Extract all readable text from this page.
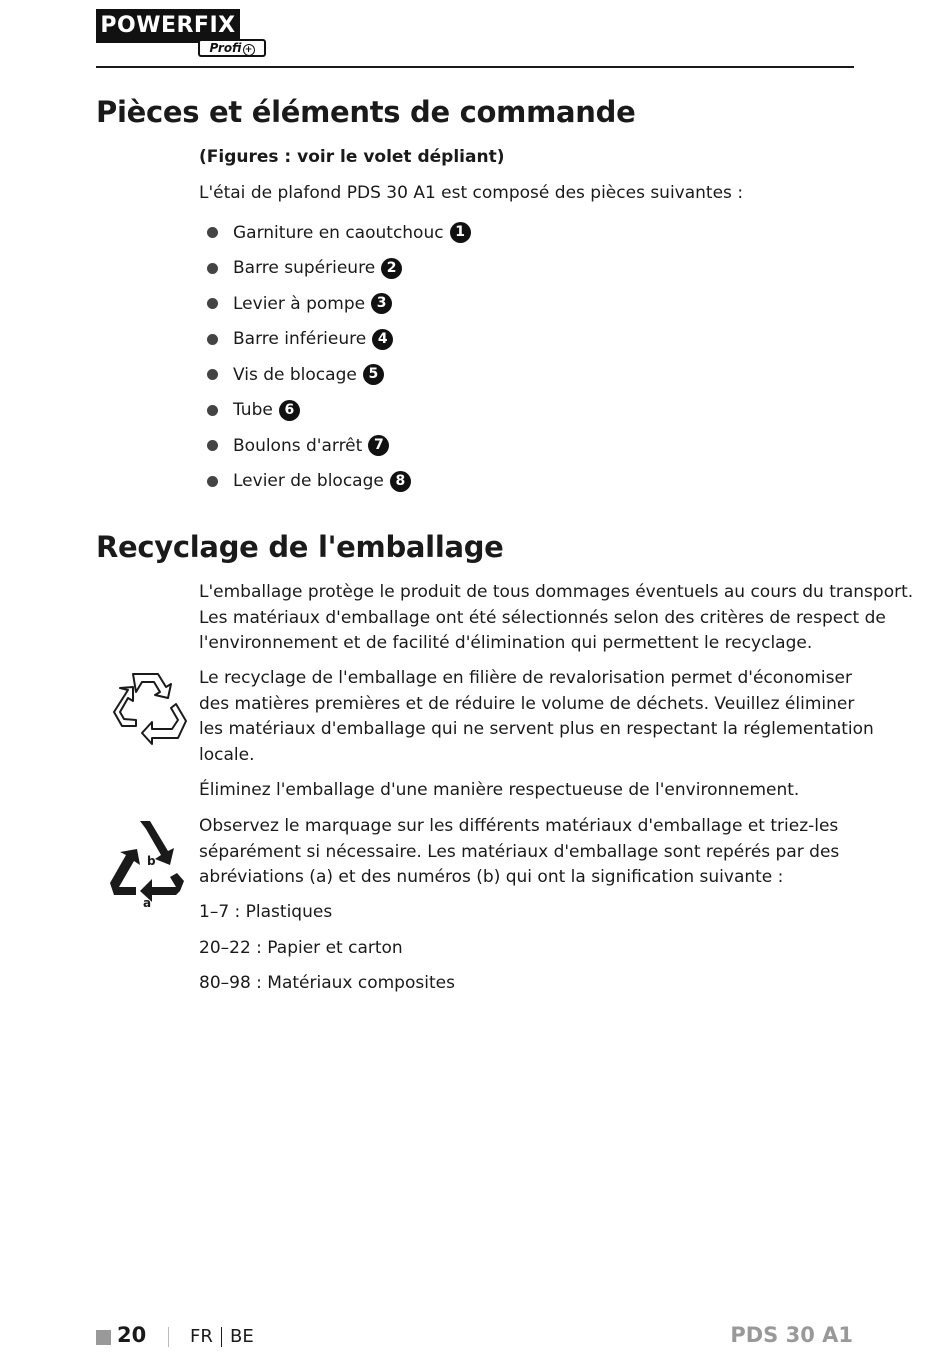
POWERFIX
®
Profi +
Pièces et éléments de commande

(Figures : voir le volet dépliant)

L'étai de plafond PDS 30 A1 est composé des pièces suivantes :

Garniture en caoutchouc 1
Barre supérieure 2
Levier à pompe 3
Barre inférieure 4
Vis de blocage 5
Tube 6
Boulons d'arrêt 7
Levier de blocage 8
Recyclage de l'emballage

L'emballage protège le produit de tous dommages éventuels au cours du transport.

Les matériaux d'emballage ont été sélectionnés selon des critères de respect de

l'environnement et de facilité d'élimination qui permettent le recyclage.

Le recyclage de l'emballage en filière de revalorisation permet d'économiser

des matières premières et de réduire le volume de déchets. Veuillez éliminer

les matériaux d'emballage qui ne servent plus en respectant la réglementation

locale.

Éliminez l'emballage d'une manière respectueuse de l'environnement.

Observez le marquage sur les différents matériaux d'emballage et triez-les

séparément si nécessaire. Les matériaux d'emballage sont repérés par des

abréviations (a) et des numéros (b) qui ont la signification suivante :

1–7 : Plastiques

20–22 : Papier et carton

80–98 : Matériaux composites

b
a
20 FR BE	PDS 30 A1
